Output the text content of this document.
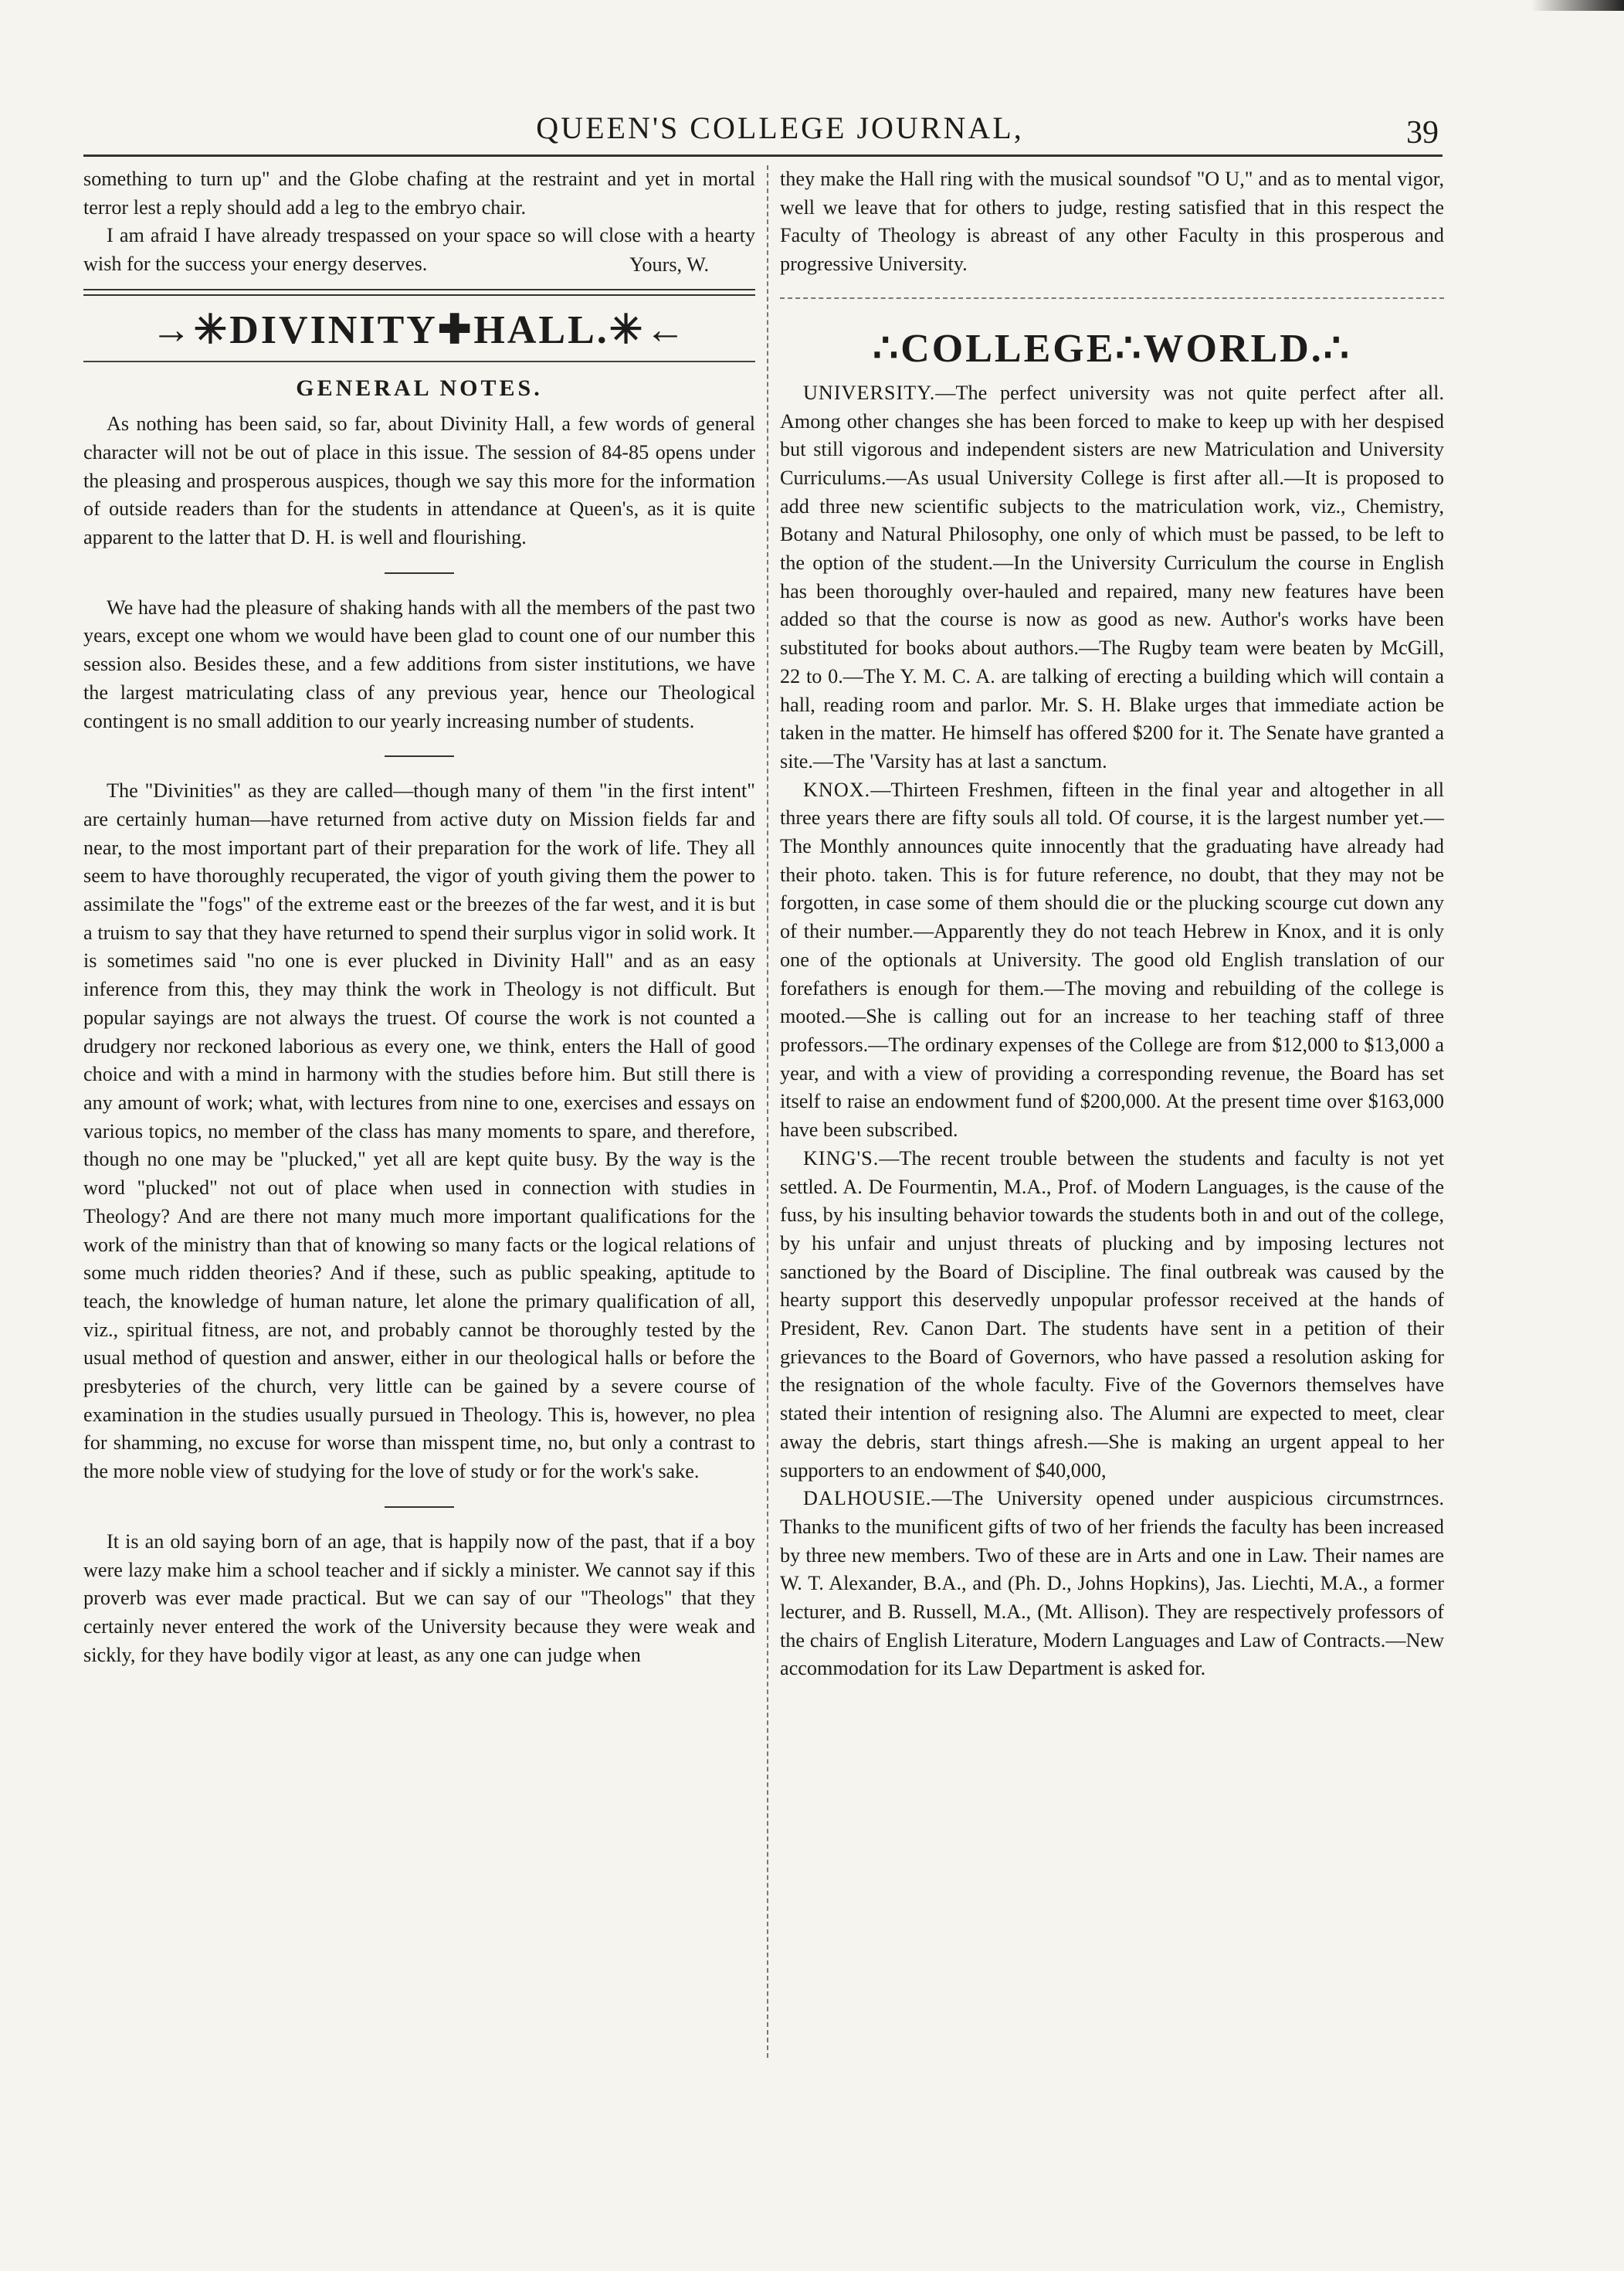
QUEEN'S COLLEGE JOURNAL,	39

something to turn up" and the Globe chafing at the restraint and yet in mortal terror lest a reply should add a leg to the embryo chair.

I am afraid I have already trespassed on your space so will close with a hearty wish for the success your energy deserves.	Yours, W.
→✳DIVINITY✚HALL.✳←
GENERAL NOTES.

As nothing has been said, so far, about Divinity Hall, a few words of general character will not be out of place in this issue. The session of 84-85 opens under the pleasing and prosperous auspices, though we say this more for the information of outside readers than for the students in attendance at Queen's, as it is quite apparent to the latter that D. H. is well and flourishing.

We have had the pleasure of shaking hands with all the members of the past two years, except one whom we would have been glad to count one of our number this session also. Besides these, and a few additions from sister institutions, we have the largest matriculating class of any previous year, hence our Theological contingent is no small addition to our yearly increasing number of students.

The "Divinities" as they are called—though many of them "in the first intent" are certainly human—have returned from active duty on Mission fields far and near, to the most important part of their preparation for the work of life. They all seem to have thoroughly recuperated, the vigor of youth giving them the power to assimilate the "fogs" of the extreme east or the breezes of the far west, and it is but a truism to say that they have returned to spend their surplus vigor in solid work. It is sometimes said "no one is ever plucked in Divinity Hall" and as an easy inference from this, they may think the work in Theology is not difficult. But popular sayings are not always the truest. Of course the work is not counted a drudgery nor reckoned laborious as every one, we think, enters the Hall of good choice and with a mind in harmony with the studies before him. But still there is any amount of work; what, with lectures from nine to one, exercises and essays on various topics, no member of the class has many moments to spare, and therefore, though no one may be "plucked," yet all are kept quite busy. By the way is the word "plucked" not out of place when used in connection with studies in Theology? And are there not many much more important qualifications for the work of the ministry than that of knowing so many facts or the logical relations of some much ridden theories? And if these, such as public speaking, aptitude to teach, the knowledge of human nature, let alone the primary qualification of all, viz., spiritual fitness, are not, and probably cannot be thoroughly tested by the usual method of question and answer, either in our theological halls or before the presbyteries of the church, very little can be gained by a severe course of examination in the studies usually pursued in Theology. This is, however, no plea for shamming, no excuse for worse than misspent time, no, but only a contrast to the more noble view of studying for the love of study or for the work's sake.

It is an old saying born of an age, that is happily now of the past, that if a boy were lazy make him a school teacher and if sickly a minister. We cannot say if this proverb was ever made practical. But we can say of our "Theologs" that they certainly never entered the work of the University because they were weak and sickly, for they have bodily vigor at least, as any one can judge when

they make the Hall ring with the musical soundsof "O U," and as to mental vigor, well we leave that for others to judge, resting satisfied that in this respect the Faculty of Theology is abreast of any other Faculty in this prosperous and progressive University.

∴COLLEGE∴WORLD.∴

UNIVERSITY.—The perfect university was not quite perfect after all. Among other changes she has been forced to make to keep up with her despised but still vigorous and independent sisters are new Matriculation and University Curriculums.—As usual University College is first after all.—It is proposed to add three new scientific subjects to the matriculation work, viz., Chemistry, Botany and Natural Philosophy, one only of which must be passed, to be left to the option of the student.—In the University Curriculum the course in English has been thoroughly over-hauled and repaired, many new features have been added so that the course is now as good as new. Author's works have been substituted for books about authors.—The Rugby team were beaten by McGill, 22 to 0.—The Y. M. C. A. are talking of erecting a building which will contain a hall, reading room and parlor. Mr. S. H. Blake urges that immediate action be taken in the matter. He himself has offered $200 for it. The Senate have granted a site.—The 'Varsity has at last a sanctum.

KNOX.—Thirteen Freshmen, fifteen in the final year and altogether in all three years there are fifty souls all told. Of course, it is the largest number yet.—The Monthly announces quite innocently that the graduating have already had their photo. taken. This is for future reference, no doubt, that they may not be forgotten, in case some of them should die or the plucking scourge cut down any of their number.—Apparently they do not teach Hebrew in Knox, and it is only one of the optionals at University. The good old English translation of our forefathers is enough for them.—The moving and rebuilding of the college is mooted.—She is calling out for an increase to her teaching staff of three professors.—The ordinary expenses of the College are from $12,000 to $13,000 a year, and with a view of providing a corresponding revenue, the Board has set itself to raise an endowment fund of $200,000. At the present time over $163,000 have been subscribed.

KING'S.—The recent trouble between the students and faculty is not yet settled. A. De Fourmentin, M.A., Prof. of Modern Languages, is the cause of the fuss, by his insulting behavior towards the students both in and out of the college, by his unfair and unjust threats of plucking and by imposing lectures not sanctioned by the Board of Discipline. The final outbreak was caused by the hearty support this deservedly unpopular professor received at the hands of President, Rev. Canon Dart. The students have sent in a petition of their grievances to the Board of Governors, who have passed a resolution asking for the resignation of the whole faculty. Five of the Governors themselves have stated their intention of resigning also. The Alumni are expected to meet, clear away the debris, start things afresh.—She is making an urgent appeal to her supporters to an endowment of $40,000,

DALHOUSIE.—The University opened under auspicious circumstrnces. Thanks to the munificent gifts of two of her friends the faculty has been increased by three new members. Two of these are in Arts and one in Law. Their names are W. T. Alexander, B.A., and (Ph. D., Johns Hopkins), Jas. Liechti, M.A., a former lecturer, and B. Russell, M.A., (Mt. Allison). They are respectively professors of the chairs of English Literature, Modern Languages and Law of Contracts.—New accommodation for its Law Department is asked for.
